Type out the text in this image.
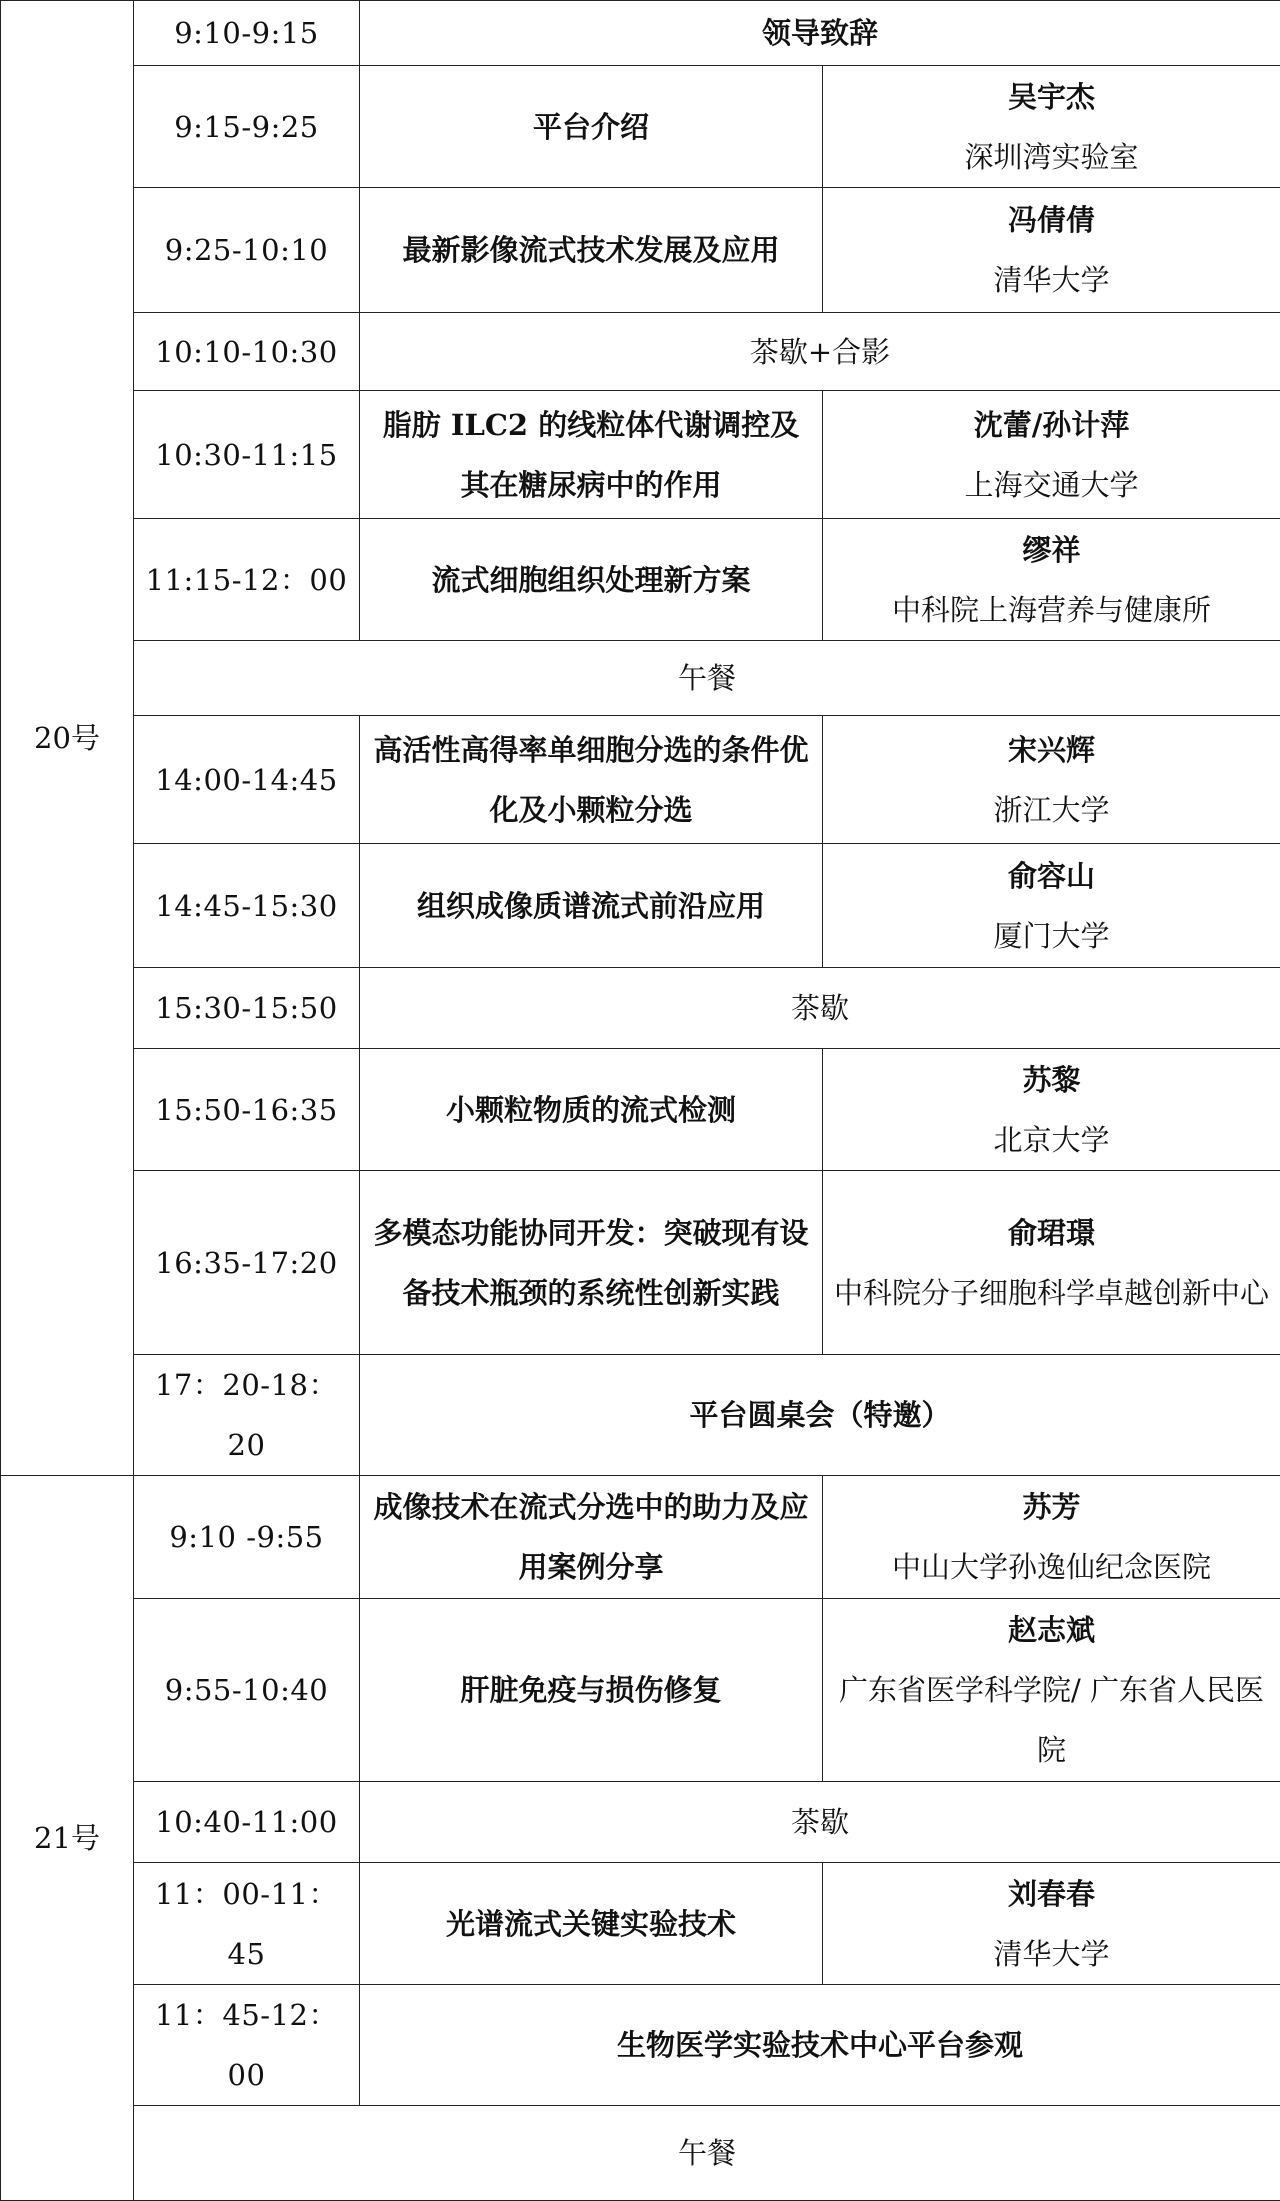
20号	9:10-9:15	领导致辞	
	9:15-9:25	平台介绍	吴宇杰
深圳湾实验室

	9:25-10:10	最新影像流式技术发展及应用	冯倩倩
清华大学

	10:10-10:30	茶歇+合影	
	10:30-11:15	脂肪 ILC2 的线粒体代谢调控及其在糖尿病中的作用	沈蕾/孙计萍
上海交通大学

	11:15-12：00	流式细胞组织处理新方案	缪祥
中科院上海营养与健康所

	午餐		
	14:00-14:45	高活性高得率单细胞分选的条件优化及小颗粒分选	宋兴辉
浙江大学

	14:45-15:30	组织成像质谱流式前沿应用	俞容山
厦门大学

	15:30-15:50	茶歇	
	15:50-16:35	小颗粒物质的流式检测	苏黎
北京大学

	16:35-17:20	多模态功能协同开发：突破现有设备技术瓶颈的系统性创新实践	俞珺璟
中科院分子细胞科学卓越创新中心

	17：20-18：20	平台圆桌会（特邀）	
21号	9:10 -9:55	成像技术在流式分选中的助力及应用案例分享	苏芳
中山大学孙逸仙纪念医院

	9:55-10:40	肝脏免疫与损伤修复	赵志斌
广东省医学科学院/ 广东省人民医院

	10:40-11:00	茶歇	
	11：00-11：45	光谱流式关键实验技术	刘春春
清华大学

	11：45-12：00	生物医学实验技术中心平台参观	
	午餐		
